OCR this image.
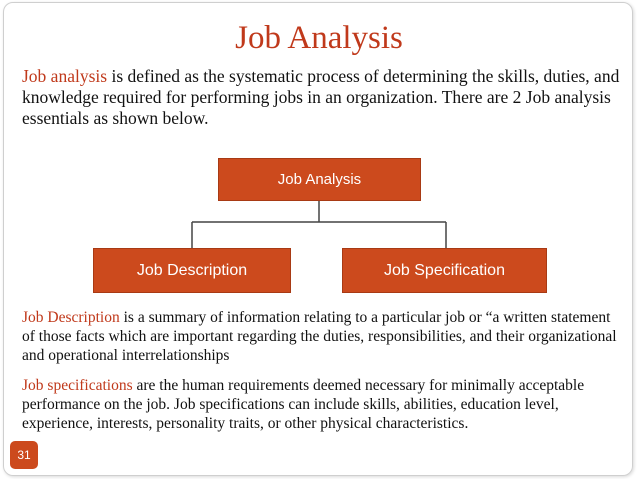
Job Analysis

Job analysis is defined as the systematic process of determining the skills, duties, and knowledge required for performing jobs in an organization. There are 2 Job analysis essentials as shown below.

Job Analysis
Job Description	Job Specification

Job Description is a summary of information relating to a particular job or “a written statement of those facts which are important regarding the duties, responsibilities, and their organizational and operational interrelationships

Job specifications are the human requirements deemed necessary for minimally acceptable performance on the job. Job specifications can include skills, abilities, education level, experience, interests, personality traits, or other physical characteristics.

31
